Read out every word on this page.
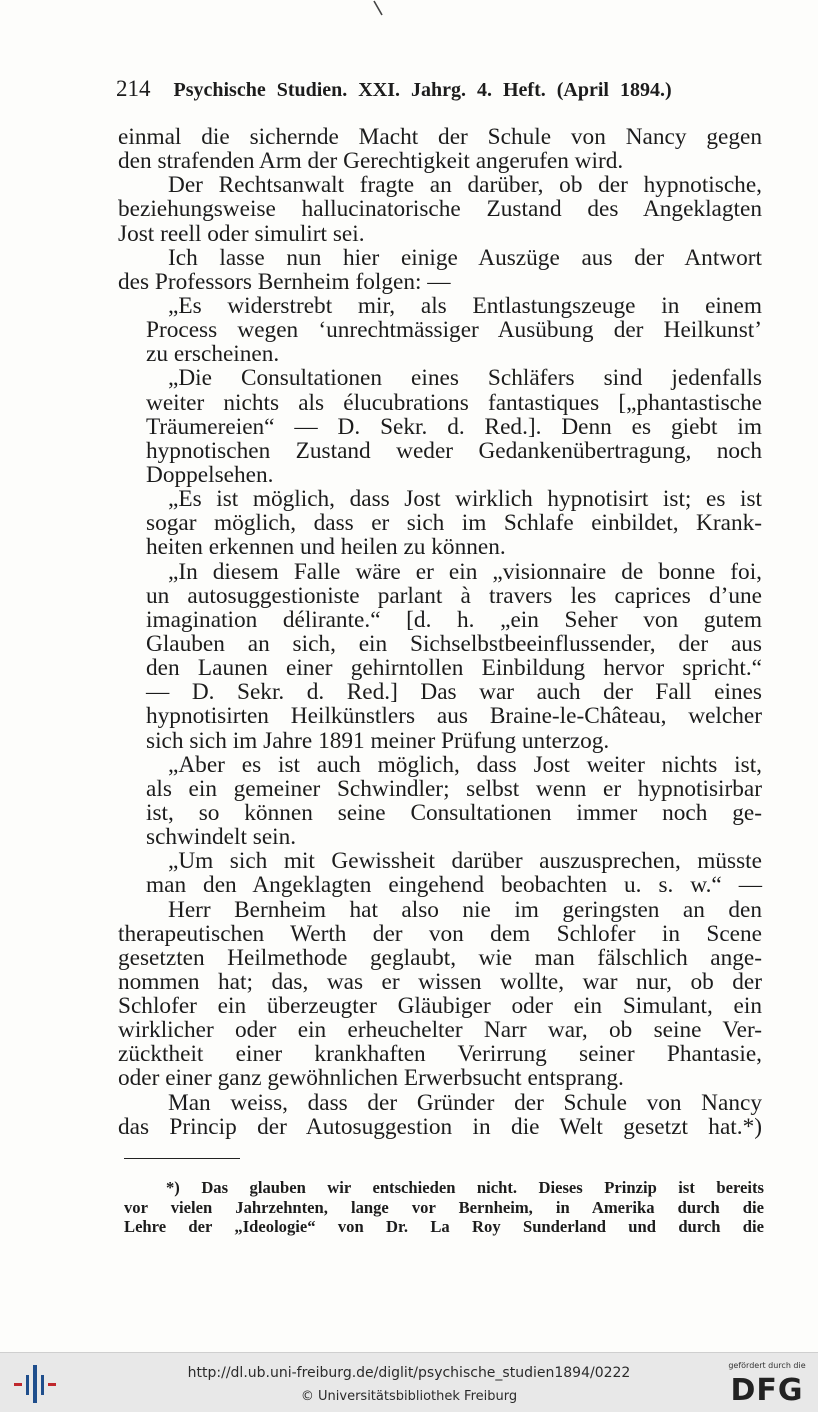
214 Psychische Studien. XXI. Jahrg. 4. Heft. (April 1894.)
einmal die sichernde Macht der Schule von Nancy gegen
den strafenden Arm der Gerechtigkeit angerufen wird.
Der Rechtsanwalt fragte an darüber, ob der hypnotische,
beziehungsweise hallucinatorische Zustand des Angeklagten
Jost reell oder simulirt sei.
Ich lasse nun hier einige Auszüge aus der Antwort
des Professors Bernheim folgen: —
„Es widerstrebt mir, als Entlastungszeuge in einem
Process wegen ‘unrechtmässiger Ausübung der Heilkunst’
zu erscheinen.
„Die Consultationen eines Schläfers sind jedenfalls
weiter nichts als élucubrations fantastiques [„phantastische
Träumereien“ — D. Sekr. d. Red.]. Denn es giebt im
hypnotischen Zustand weder Gedankenübertragung, noch
Doppelsehen.
„Es ist möglich, dass Jost wirklich hypnotisirt ist; es ist
sogar möglich, dass er sich im Schlafe einbildet, Krank-
heiten erkennen und heilen zu können.
„In diesem Falle wäre er ein „visionnaire de bonne foi,
un autosuggestioniste parlant à travers les caprices d’une
imagination délirante.“ [d. h. „ein Seher von gutem
Glauben an sich, ein Sichselbstbeeinflussender, der aus
den Launen einer gehirntollen Einbildung hervor spricht.“
— D. Sekr. d. Red.] Das war auch der Fall eines
hypnotisirten Heilkünstlers aus Braine-le-Château, welcher
sich sich im Jahre 1891 meiner Prüfung unterzog.
„Aber es ist auch möglich, dass Jost weiter nichts ist,
als ein gemeiner Schwindler; selbst wenn er hypnotisirbar
ist, so können seine Consultationen immer noch ge-
schwindelt sein.
„Um sich mit Gewissheit darüber auszusprechen, müsste
man den Angeklagten eingehend beobachten u. s. w.“ —
Herr Bernheim hat also nie im geringsten an den
therapeutischen Werth der von dem Schlofer in Scene
gesetzten Heilmethode geglaubt, wie man fälschlich ange-
nommen hat; das, was er wissen wollte, war nur, ob der
Schlofer ein überzeugter Gläubiger oder ein Simulant, ein
wirklicher oder ein erheuchelter Narr war, ob seine Ver-
zücktheit einer krankhaften Verirrung seiner Phantasie,
oder einer ganz gewöhnlichen Erwerbsucht entsprang.
Man weiss, dass der Gründer der Schule von Nancy
das Princip der Autosuggestion in die Welt gesetzt hat.*)
*) Das glauben wir entschieden nicht. Dieses Prinzip ist bereits
vor vielen Jahrzehnten, lange vor Bernheim, in Amerika durch die
Lehre der „Ideologie“ von Dr. La Roy Sunderland und durch die
http://dl.ub.uni-freiburg.de/diglit/psychische_studien1894/0222
© Universitätsbibliothek Freiburg
gefördert durch die
DFG
